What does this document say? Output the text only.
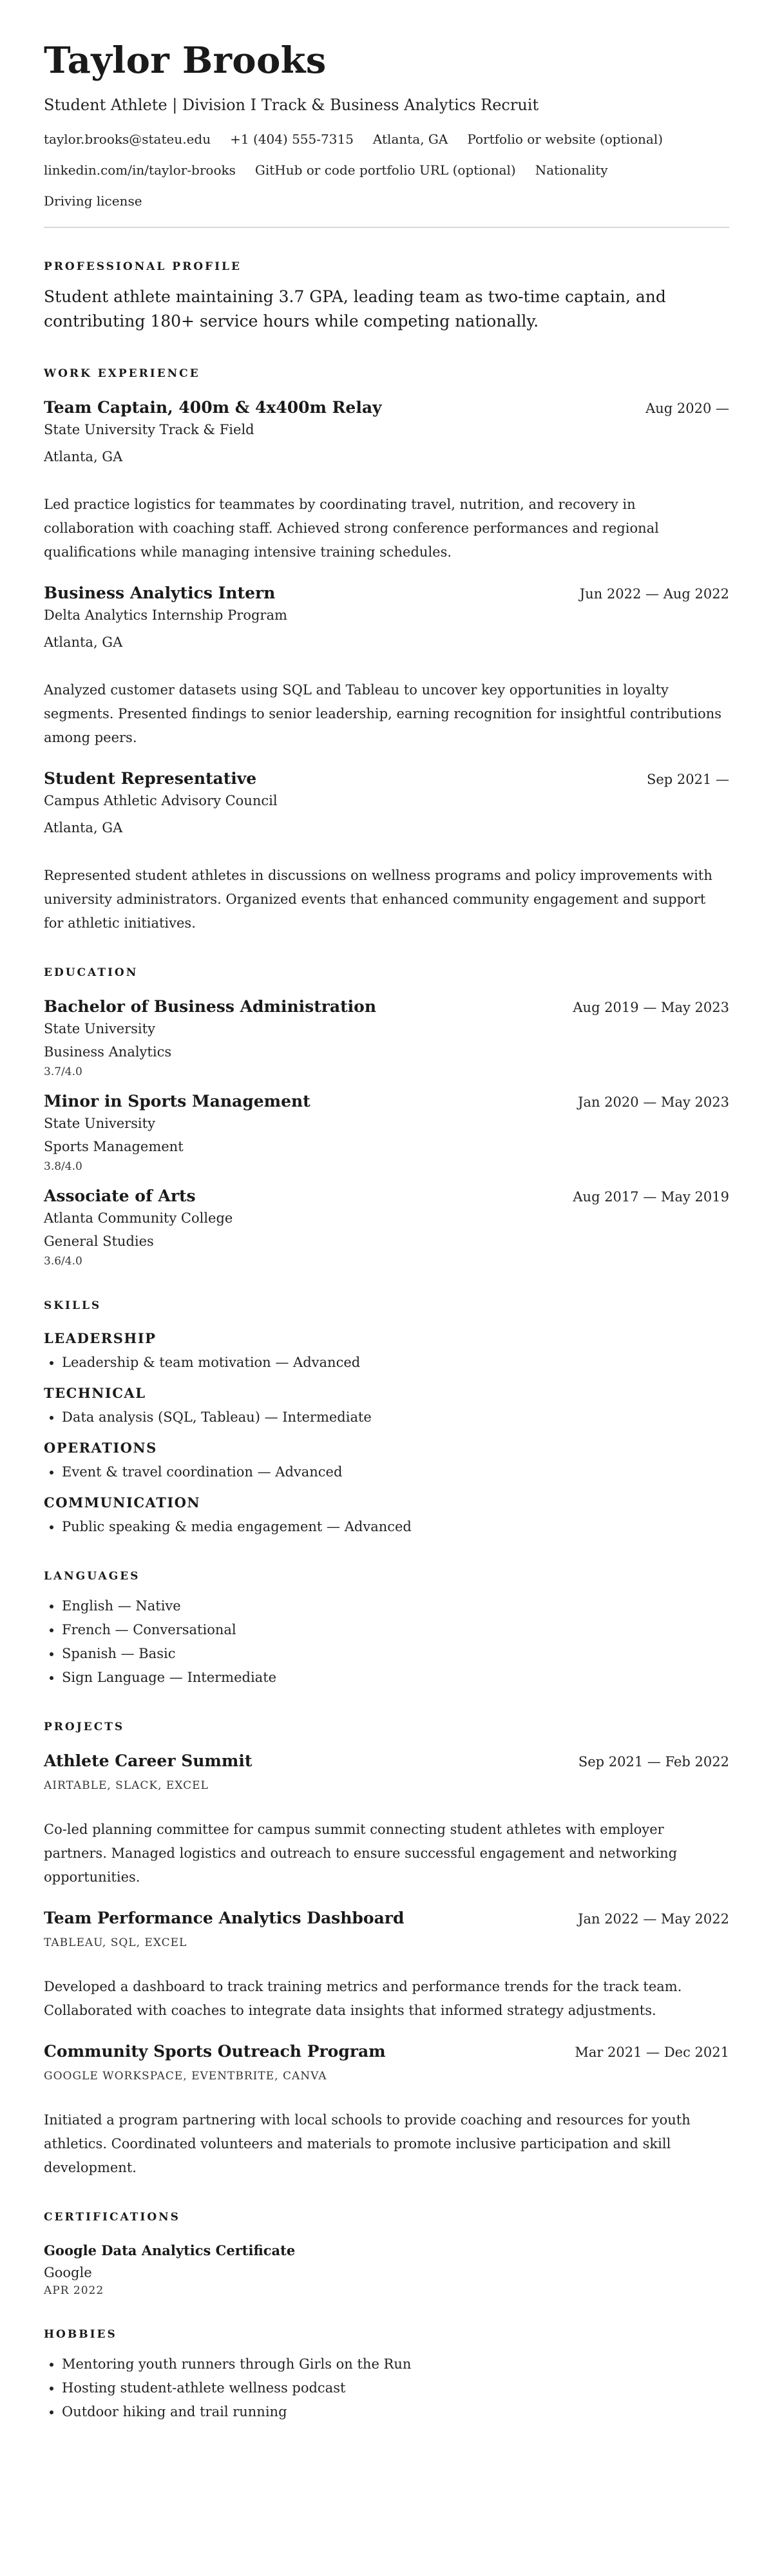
Taylor Brooks
Student Athlete | Division I Track & Business Analytics Recruit
taylor.brooks@stateu.edu +1 (404) 555-7315 Atlanta, GA Portfolio or website (optional)
linkedin.com/in/taylor-brooks GitHub or code portfolio URL (optional) Nationality
Driving license
PROFESSIONAL PROFILE
Student athlete maintaining 3.7 GPA, leading team as two-time captain, and contributing 180+ service hours while competing nationally.
WORK EXPERIENCE
Team Captain, 400m & 4x400m Relay	Aug 2020 —
State University Track & Field
Atlanta, GA
Led practice logistics for teammates by coordinating travel, nutrition, and recovery in collaboration with coaching staff. Achieved strong conference performances and regional qualifications while managing intensive training schedules.
Business Analytics Intern	Jun 2022 — Aug 2022
Delta Analytics Internship Program
Atlanta, GA
Analyzed customer datasets using SQL and Tableau to uncover key opportunities in loyalty segments. Presented findings to senior leadership, earning recognition for insightful contributions among peers.
Student Representative	Sep 2021 —
Campus Athletic Advisory Council
Atlanta, GA
Represented student athletes in discussions on wellness programs and policy improvements with university administrators. Organized events that enhanced community engagement and support for athletic initiatives.
EDUCATION
Bachelor of Business Administration	Aug 2019 — May 2023
State University
Business Analytics
3.7/4.0
Minor in Sports Management	Jan 2020 — May 2023
State University
Sports Management
3.8/4.0
Associate of Arts	Aug 2017 — May 2019
Atlanta Community College
General Studies
3.6/4.0
SKILLS
LEADERSHIP
• Leadership & team motivation — Advanced
TECHNICAL
• Data analysis (SQL, Tableau) — Intermediate
OPERATIONS
• Event & travel coordination — Advanced
COMMUNICATION
• Public speaking & media engagement — Advanced
LANGUAGES
• English — Native
• French — Conversational
• Spanish — Basic
• Sign Language — Intermediate
PROJECTS
Athlete Career Summit	Sep 2021 — Feb 2022
AIRTABLE, SLACK, EXCEL
Co-led planning committee for campus summit connecting student athletes with employer partners. Managed logistics and outreach to ensure successful engagement and networking opportunities.
Team Performance Analytics Dashboard	Jan 2022 — May 2022
TABLEAU, SQL, EXCEL
Developed a dashboard to track training metrics and performance trends for the track team. Collaborated with coaches to integrate data insights that informed strategy adjustments.
Community Sports Outreach Program	Mar 2021 — Dec 2021
GOOGLE WORKSPACE, EVENTBRITE, CANVA
Initiated a program partnering with local schools to provide coaching and resources for youth athletics. Coordinated volunteers and materials to promote inclusive participation and skill development.
CERTIFICATIONS
Google Data Analytics Certificate
Google
APR 2022
HOBBIES
• Mentoring youth runners through Girls on the Run
• Hosting student-athlete wellness podcast
• Outdoor hiking and trail running
